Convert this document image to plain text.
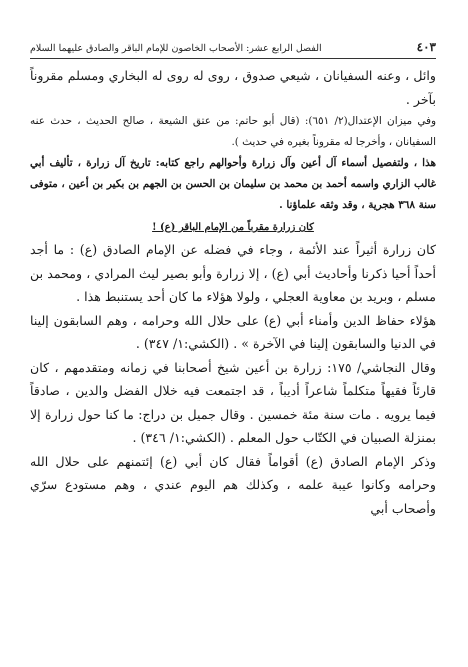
٤٠٣
الفصل الرابع عشر: الأصحاب الخاصون للإمام الباقر والصادق عليهما السلام

وائل ، وعنه السفيانان ، شيعي صدوق ، روى له روى له البخاري ومسلم مقروناً بآخر .

وفي ميزان الإعتدال(٢/ ٦٥١): (قال أبو حاتم: من عتق الشيعة ، صالح الحديث ، حدث عنه السفيانان ، وأخرجا له مقروناً بغيره في حديث ).

هذا ، ولتفصيل أسماء آل أعين وآل زرارة وأحوالهم راجع كتابه: تاريخ آل زرارة ، تأليف أبي غالب الزاري واسمه أحمد بن محمد بن سليمان بن الحسن بن الجهم بن بكير بن أعين ، متوفى سنة ٣٦٨ هجرية ، وقد وثقه علماؤنا .

كان زرارة مقرباً من الإمام الباقر (ع) !

كان زرارة أثيراً عند الأئمة ، وجاء في فضله عن الإمام الصادق (ع) : ما أجد أحداً أحيا ذكرنا وأحاديث أبي (ع) ، إلا زرارة وأبو بصير ليث المرادي ، ومحمد بن مسلم ، وبريد بن معاوية العجلي ، ولولا هؤلاء ما كان أحد يستنبط هذا .

هؤلاء حفاظ الدين وأمناء أبي (ع) على حلال الله وحرامه ، وهم السابقون إلينا في الدنيا والسابقون إلينا في الآخرة » . (الكشي:١/ ٣٤٧) .

وقال النجاشي/ ١٧٥: زرارة بن أعين شيخ أصحابنا في زمانه ومتقدمهم ، كان قارئاً فقيهاً متكلماً شاعراً أديباً ، قد اجتمعت فيه خلال الفضل والدين ، صادقاً فيما يرويه . مات سنة مئة خمسين . وقال جميل بن دراج: ما كنا حول زرارة إلا بمنزلة الصبيان في الكتّاب حول المعلم . (الكشي:١/ ٣٤٦) .

وذكر الإمام الصادق (ع) أقواماً فقال كان أبي (ع) إئتمنهم على حلال الله وحرامه وكانوا عيبة علمه ، وكذلك هم اليوم عندي ، وهم مستودع سرّي وأصحاب أبي
